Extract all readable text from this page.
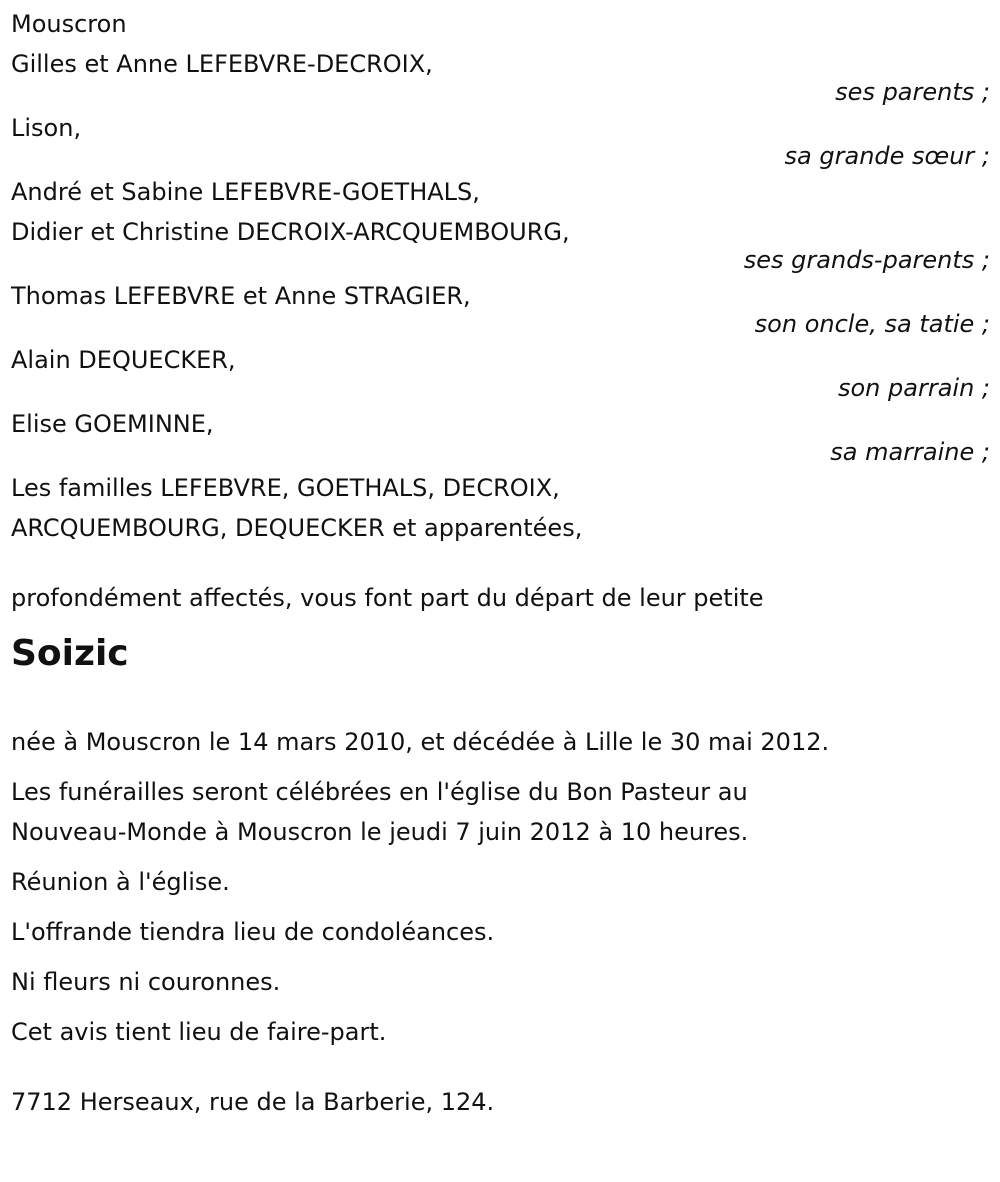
Mouscron
Gilles et Anne LEFEBVRE-DECROIX,
ses parents ;
Lison,
sa grande sœur ;
André et Sabine LEFEBVRE-GOETHALS,
Didier et Christine DECROIX-ARCQUEMBOURG,
ses grands-parents ;
Thomas LEFEBVRE et Anne STRAGIER,
son oncle, sa tatie ;
Alain DEQUECKER,
son parrain ;
Elise GOEMINNE,
sa marraine ;
Les familles LEFEBVRE, GOETHALS, DECROIX,
ARCQUEMBOURG, DEQUECKER et apparentées,
profondément affectés, vous font part du départ de leur petite
Soizic
née à Mouscron le 14 mars 2010, et décédée à Lille le 30 mai 2012.
Les funérailles seront célébrées en l'église du Bon Pasteur au
Nouveau-Monde à Mouscron le jeudi 7 juin 2012 à 10 heures.
Réunion à l'église.
L'offrande tiendra lieu de condoléances.
Ni fleurs ni couronnes.
Cet avis tient lieu de faire-part.
7712 Herseaux, rue de la Barberie, 124.
